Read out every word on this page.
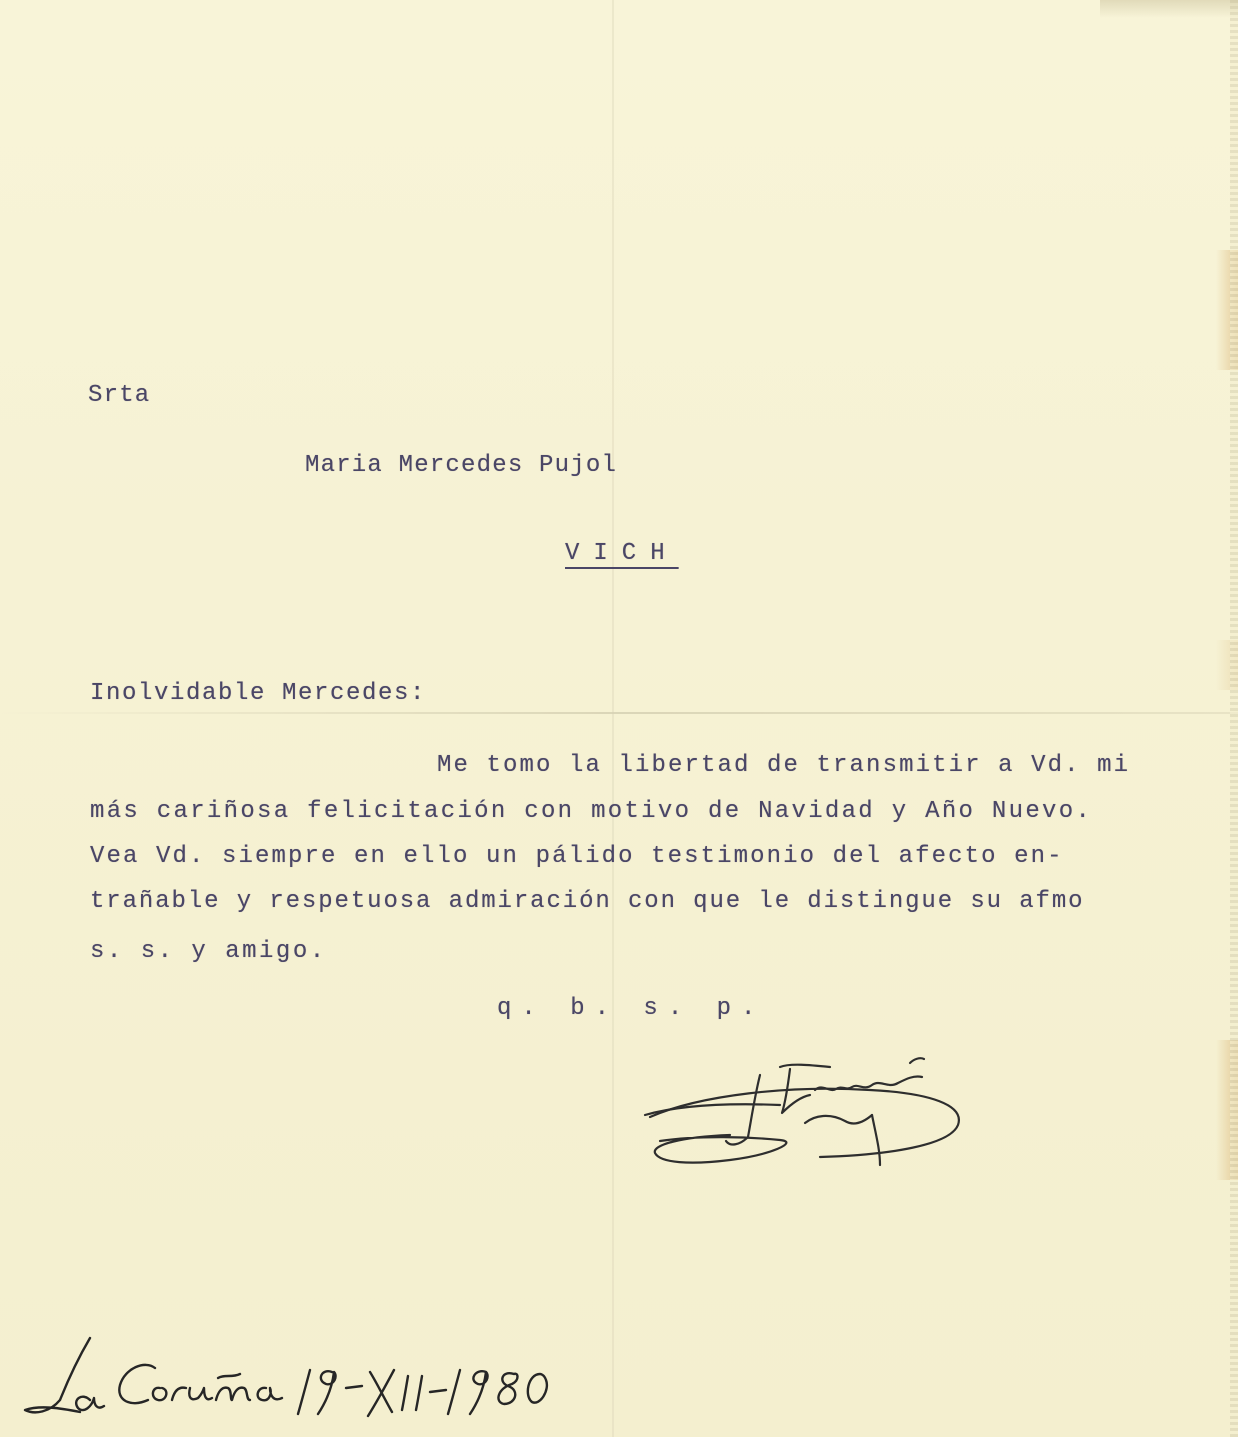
Srta
Maria Mercedes Pujol
VICH
Inolvidable Mercedes:
Me tomo la libertad de transmitir a Vd. mi
más cariñosa felicitación con motivo de Navidad y Año Nuevo.
Vea Vd. siempre en ello un pálido testimonio del afecto en-
trañable y respetuosa admiración con que le distingue su afmo
s. s. y amigo.
q. b. s. p.
